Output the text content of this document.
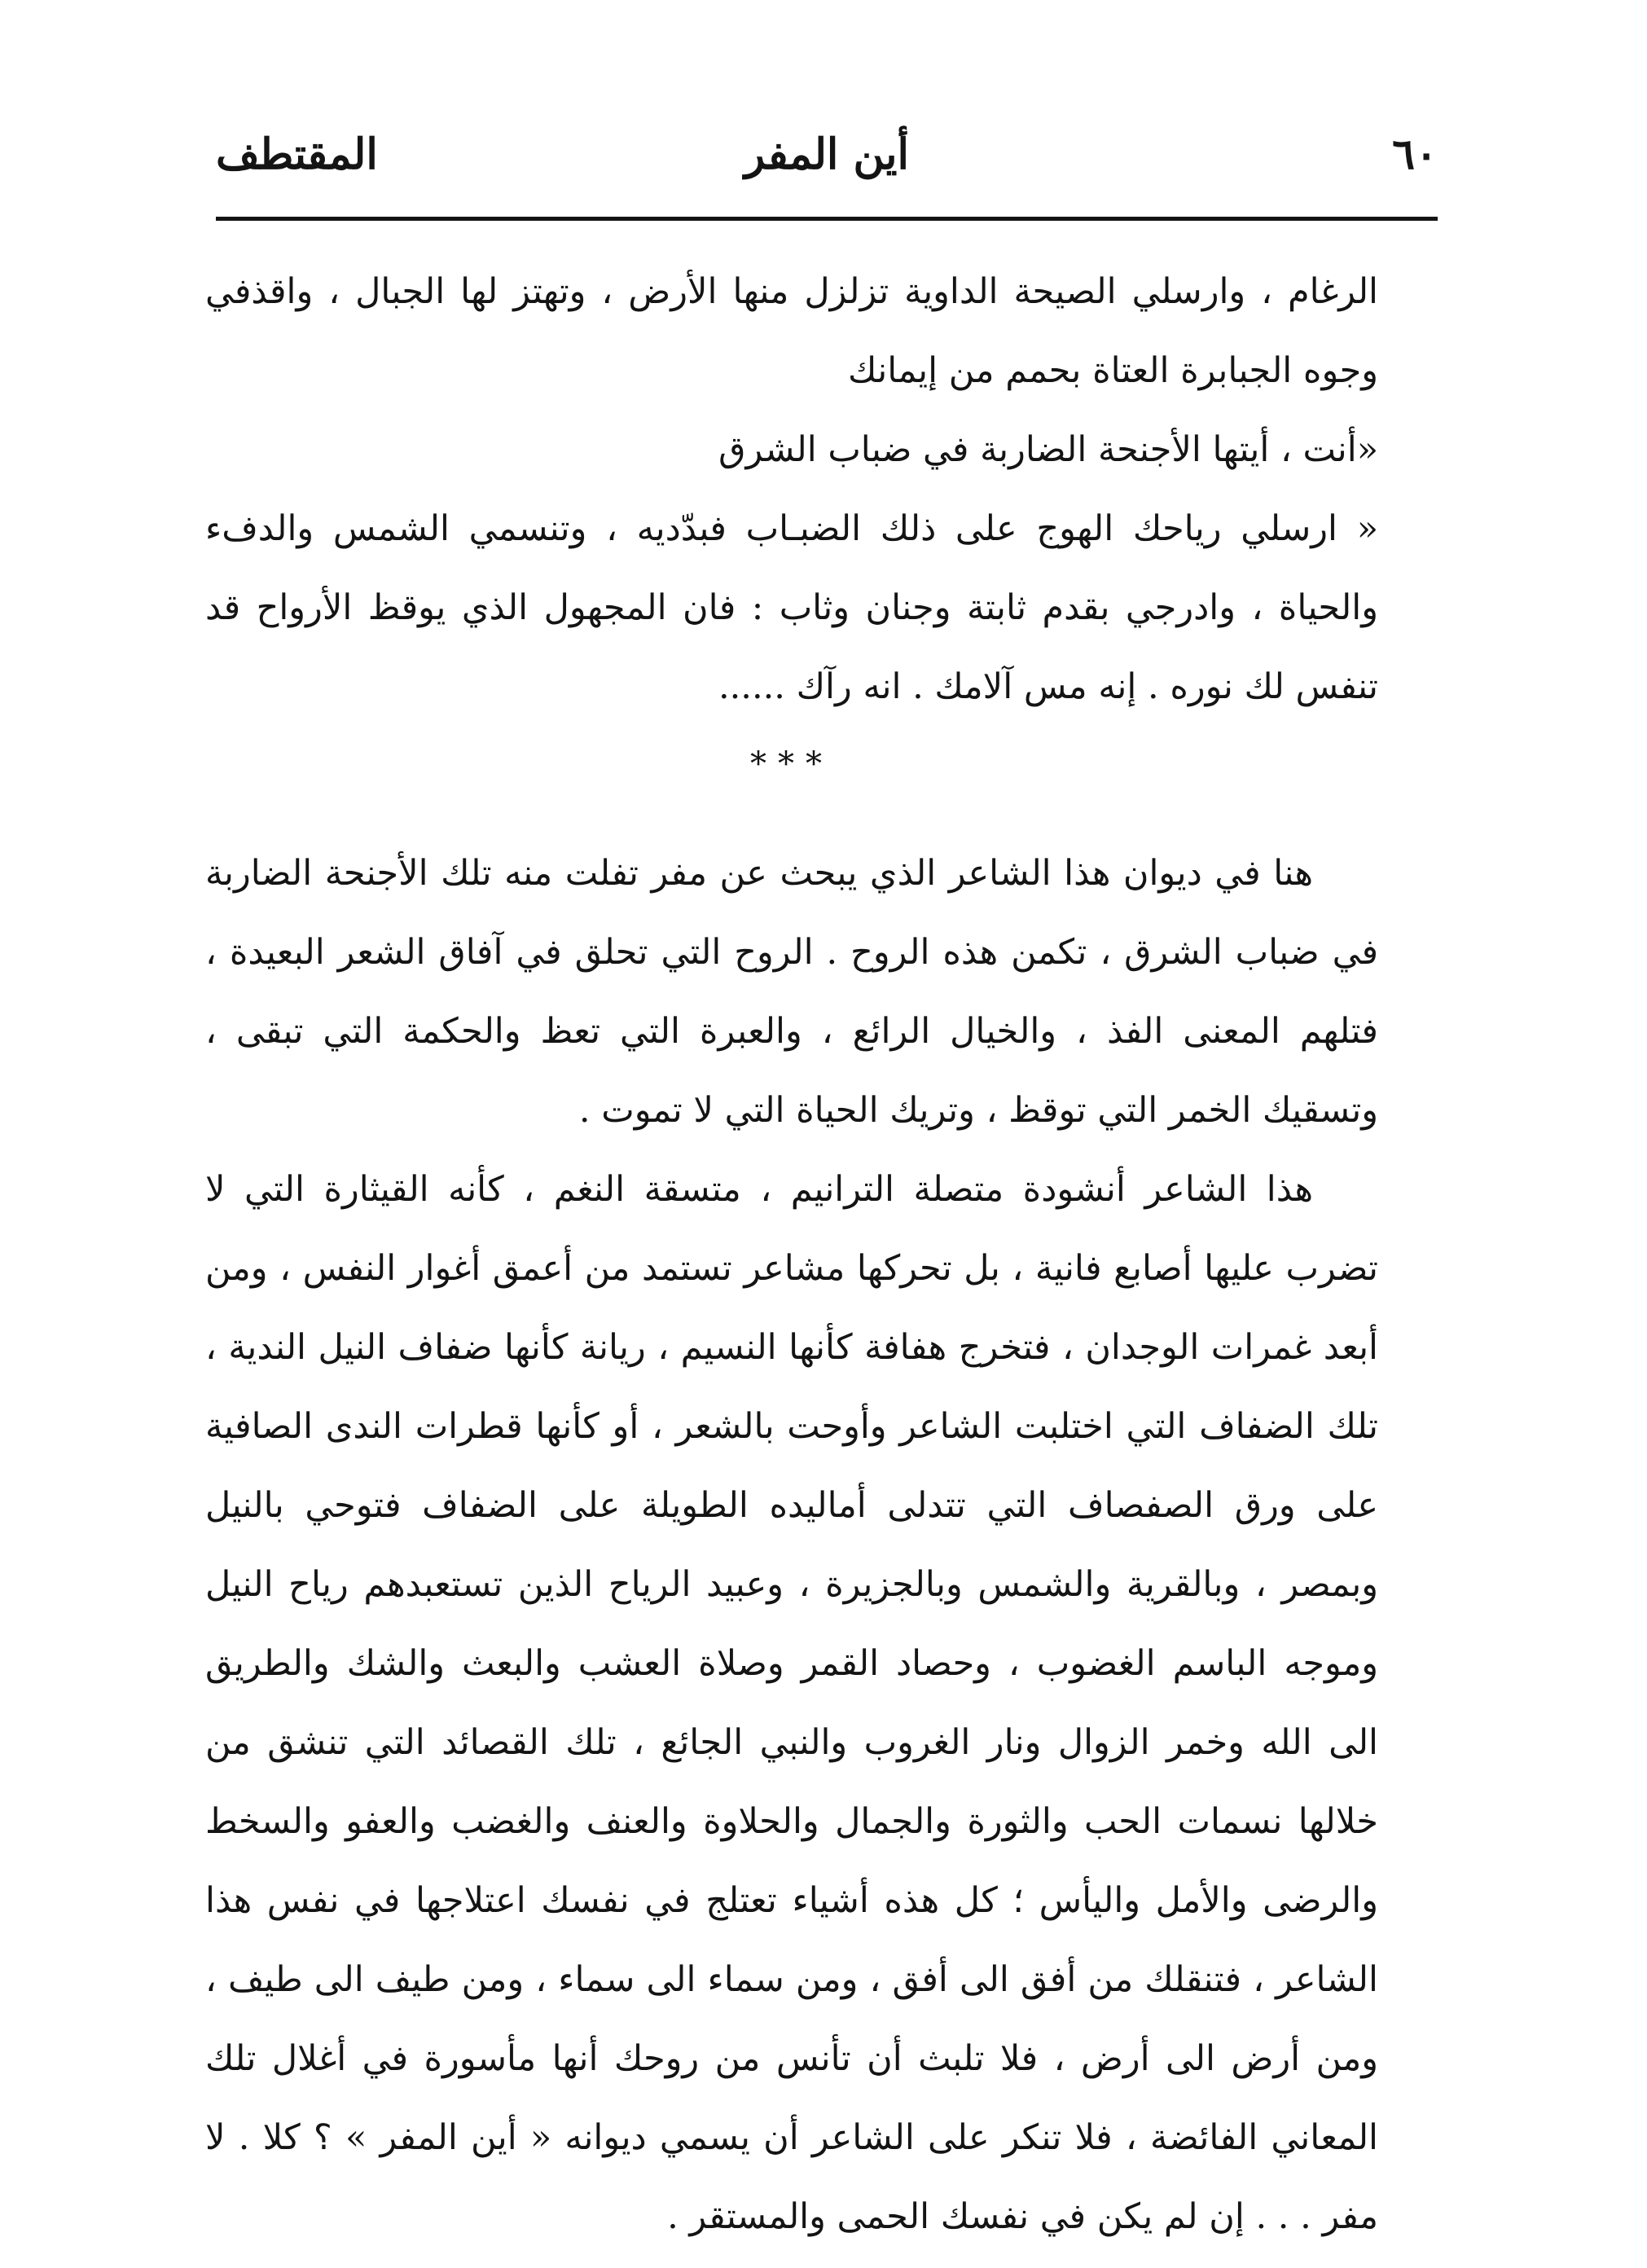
٦٠
أين المفر
المقتطف

الرغام ، وارسلي الصيحة الداوية تزلزل منها الأرض ، وتهتز لها الجبال ، واقذفي وجوه الجبابرة العتاة بحمم من إيمانك

«أنت ، أيتها الأجنحة الضاربة في ضباب الشرق

« ارسلي رياحك الهوج على ذلك الضبـاب فبدّديه ، وتنسمي الشمس والدفء والحياة ، وادرجي بقدم ثابتة وجنان وثاب : فان المجهول الذي يوقظ الأرواح قد تنفس لك نوره . إنه مس آلامك . انه رآك ......

***

هنا في ديوان هذا الشاعر الذي يبحث عن مفر تفلت منه تلك الأجنحة الضاربة في ضباب الشرق ، تكمن هذه الروح . الروح التي تحلق في آفاق الشعر البعيدة ، فتلهم المعنى الفذ ، والخيال الرائع ، والعبرة التي تعظ والحكمة التي تبقى ، وتسقيك الخمر التي توقظ ، وتريك الحياة التي لا تموت .

هذا الشاعر أنشودة متصلة الترانيم ، متسقة النغم ، كأنه القيثارة التي لا تضرب عليها أصابع فانية ، بل تحركها مشاعر تستمد من أعمق أغوار النفس ، ومن أبعد غمرات الوجدان ، فتخرج هفافة كأنها النسيم ، ريانة كأنها ضفاف النيل الندية ، تلك الضفاف التي اختلبت الشاعر وأوحت بالشعر ، أو كأنها قطرات الندى الصافية على ورق الصفصاف التي تتدلى أماليده الطويلة على الضفاف فتوحي بالنيل وبمصر ، وبالقرية والشمس وبالجزيرة ، وعبيد الرياح الذين تستعبدهم رياح النيل وموجه الباسم الغضوب ، وحصاد القمر وصلاة العشب والبعث والشك والطريق الى الله وخمر الزوال ونار الغروب والنبي الجائع ، تلك القصائد التي تنشق من خلالها نسمات الحب والثورة والجمال والحلاوة والعنف والغضب والعفو والسخط والرضى والأمل واليأس ؛ كل هذه أشياء تعتلج في نفسك اعتلاجها في نفس هذا الشاعر ، فتنقلك من أفق الى أفق ، ومن سماء الى سماء ، ومن طيف الى طيف ، ومن أرض الى أرض ، فلا تلبث أن تأنس من روحك أنها مأسورة في أغلال تلك المعاني الفائضة ، فلا تنكر على الشاعر أن يسمي ديوانه « أين المفر » ؟ كلا . لا مفر . . . إن لم يكن في نفسك الحمى والمستقر .
